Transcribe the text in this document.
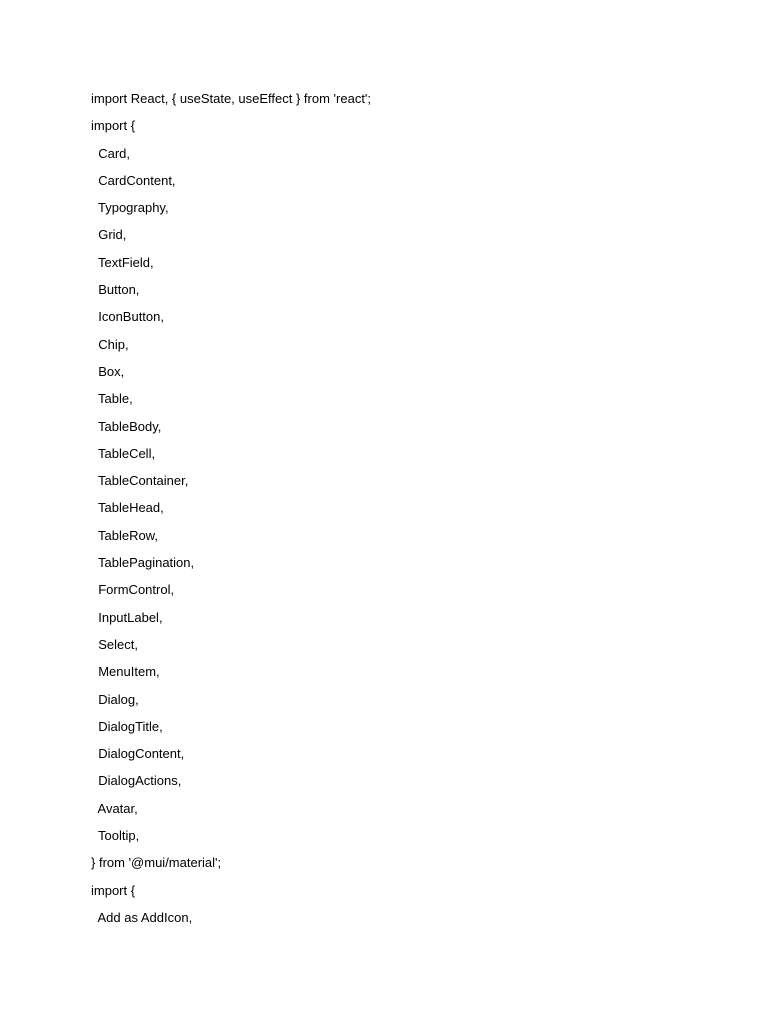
import React, { useState, useEffect } from 'react';
import {
Card,
CardContent,
Typography,
Grid,
TextField,
Button,
IconButton,
Chip,
Box,
Table,
TableBody,
TableCell,
TableContainer,
TableHead,
TableRow,
TablePagination,
FormControl,
InputLabel,
Select,
MenuItem,
Dialog,
DialogTitle,
DialogContent,
DialogActions,
Avatar,
Tooltip,
} from '@mui/material';
import {
Add as AddIcon,
